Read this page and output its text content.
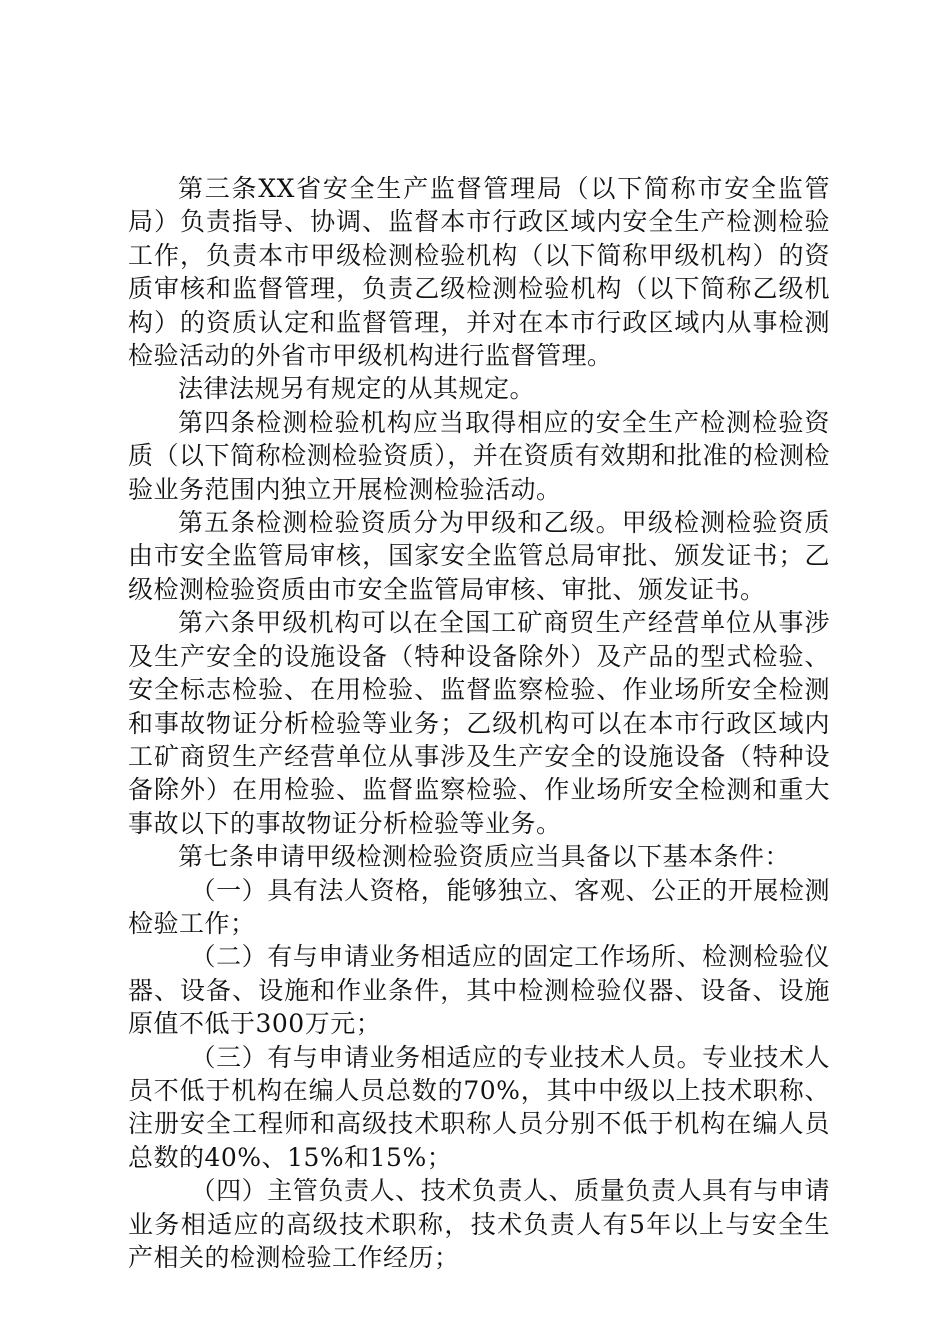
第三条XX省安全生产监督管理局（以下简称市安全监管局）负责指导、协调、监督本市行政区域内安全生产检测检验工作，负责本市甲级检测检验机构（以下简称甲级机构）的资质审核和监督管理，负责乙级检测检验机构（以下简称乙级机构）的资质认定和监督管理，并对在本市行政区域内从事检测检验活动的外省市甲级机构进行监督管理。

法律法规另有规定的从其规定。

第四条检测检验机构应当取得相应的安全生产检测检验资质（以下简称检测检验资质），并在资质有效期和批准的检测检验业务范围内独立开展检测检验活动。

第五条检测检验资质分为甲级和乙级。甲级检测检验资质由市安全监管局审核，国家安全监管总局审批、颁发证书；乙级检测检验资质由市安全监管局审核、审批、颁发证书。

第六条甲级机构可以在全国工矿商贸生产经营单位从事涉及生产安全的设施设备（特种设备除外）及产品的型式检验、安全标志检验、在用检验、监督监察检验、作业场所安全检测和事故物证分析检验等业务；乙级机构可以在本市行政区域内工矿商贸生产经营单位从事涉及生产安全的设施设备（特种设备除外）在用检验、监督监察检验、作业场所安全检测和重大事故以下的事故物证分析检验等业务。

第七条申请甲级检测检验资质应当具备以下基本条件：

（一）具有法人资格，能够独立、客观、公正的开展检测检验工作；

（二）有与申请业务相适应的固定工作场所、检测检验仪器、设备、设施和作业条件，其中检测检验仪器、设备、设施原值不低于300万元；

（三）有与申请业务相适应的专业技术人员。专业技术人员不低于机构在编人员总数的70%，其中中级以上技术职称、注册安全工程师和高级技术职称人员分别不低于机构在编人员总数的40%、15%和15%；

（四）主管负责人、技术负责人、质量负责人具有与申请业务相适应的高级技术职称，技术负责人有5年以上与安全生产相关的检测检验工作经历；
